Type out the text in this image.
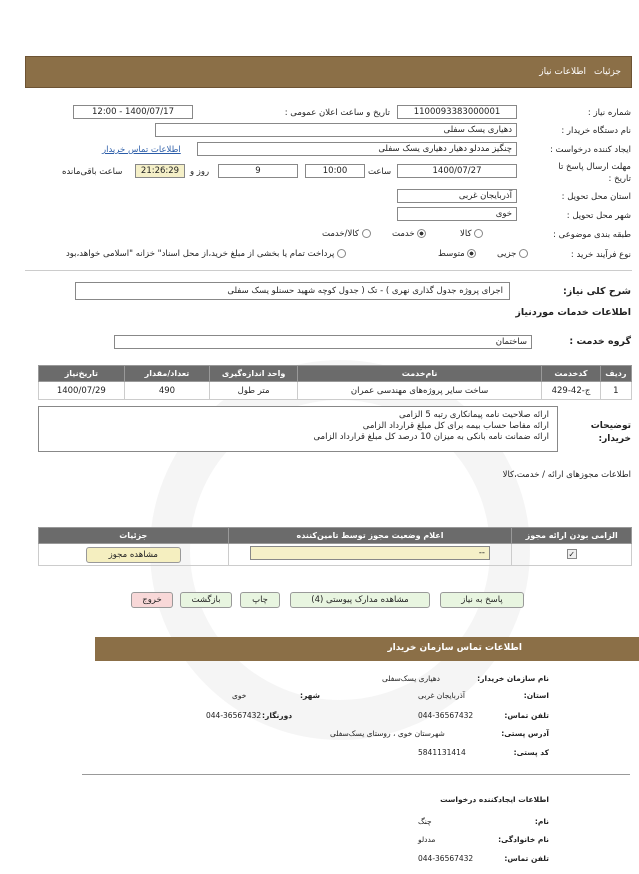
جزئیات
اطلاعات نیاز
شماره نیاز :
1100093383000001
تاریخ و ساعت اعلان عمومی :
1400/07/17 - 12:00
نام دستگاه خریدار :
دهیاری یسک سفلی
ایجاد کننده درخواست :
چنگیز مددلو دهیار دهیاری یسک سفلی
اطلاعات تماس خریدار
مهلت ارسال پاسخ تا
تاریخ :
1400/07/27
ساعت
10:00
9
روز و
21:26:29
ساعت باقی‌مانده
استان محل تحویل :
آذربایجان غربی
شهر محل تحویل :
خوی
طبقه بندی موضوعی :
کالا
خدمت
کالا/خدمت
نوع فرآیند خرید :
جزیی
متوسط
پرداخت تمام یا بخشی از مبلغ خرید،از محل اسناد" خزانه "اسلامی خواهد،بود
شرح کلی نیاز:
اجرای پروژه جدول گذاری نهری ) - تک ( جدول کوچه شهید حسنلو یسک سفلی
اطلاعات خدمات موردنیاز
گروه خدمت :
ساختمان
ردیف	کدخدمت	نام‌خدمت	واحد اندازه‌گیری	تعداد/مقدار	تاریخ‌نیاز
1	ج-42-429	ساخت سایر پروژه‌های مهندسی عمران	متر طول	490	1400/07/29
توضیحات
خریدار:
ارائه صلاحیت نامه پیمانکاری رتبه 5 الزامی
ارائه مفاصا حساب بیمه برای کل مبلغ قرارداد الزامی
ارائه ضمانت نامه بانکی به میزان 10 درصد کل مبلغ قرارداد الزامی
اطلاعات مجوزهای ارائه / خدمت،کالا
الزامی بودن ارائه مجوز	اعلام وضعیت مجوز توسط تامین‌کننده	جزئیات
✓	--	مشاهده مجوز
پاسخ به نیاز
مشاهده مدارک پیوستی (4)
چاپ
بازگشت
خروج
اطلاعات تماس سازمان خریدار
نام سازمان خریدار:
دهیاری یسک‌سفلی
استان:
آذربایجان غربی
شهر:
خوی
تلفن تماس:
044-36567432
دورنگار:
044-36567432
آدرس پستی:
شهرستان خوی ، روستای یسک‌سفلی
کد پستی:
5841131414
اطلاعات ایجادکننده درخواست
نام:
چنگ
نام خانوادگی:
مددلو
تلفن تماس:
044-36567432
